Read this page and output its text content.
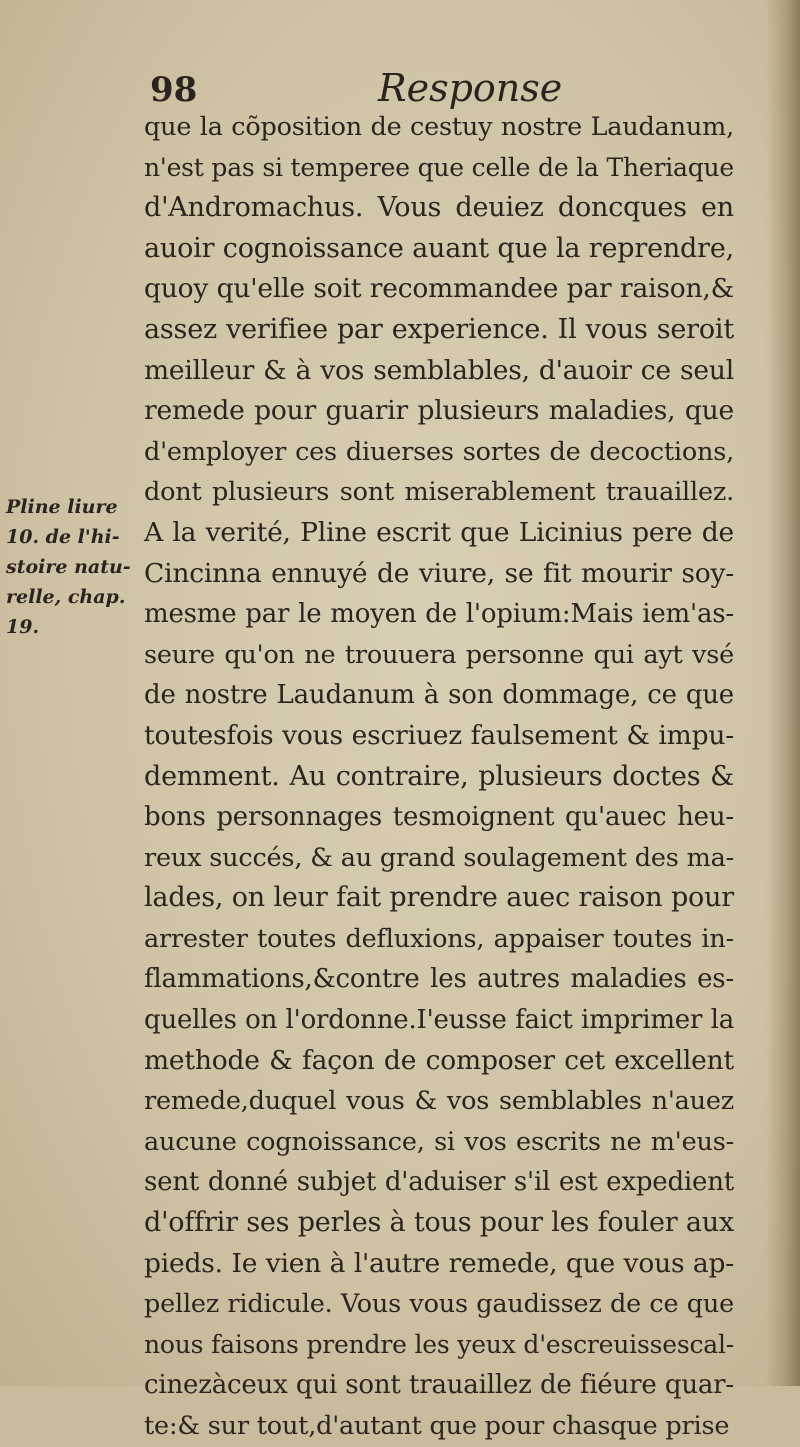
98	Response
Pline liure
10. de l'hi-
stoire natu-
relle, chap.
19.
que la cõposition de cestuy nostre Laudanum,
n'est pas si temperee que celle de la Theriaque
d'Andromachus. Vous deuiez doncques en
auoir cognoissance auant que la reprendre,
quoy qu'elle soit recommandee par raison,&
assez verifiee par experience. Il vous seroit
meilleur & à vos semblables, d'auoir ce seul
remede pour guarir plusieurs maladies, que
d'employer ces diuerses sortes de decoctions,
dont plusieurs sont miserablement trauaillez.
A la verité, Pline escrit que Licinius pere de
Cincinna ennuyé de viure, se fit mourir soy-
mesme par le moyen de l'opium:Mais iem'as-
seure qu'on ne trouuera personne qui ayt vsé
de nostre Laudanum à son dommage, ce que
toutesfois vous escriuez faulsement & impu-
demment. Au contraire, plusieurs doctes &
bons personnages tesmoignent qu'auec heu-
reux succés, & au grand soulagement des ma-
lades, on leur fait prendre auec raison pour
arrester toutes defluxions, appaiser toutes in-
flammations,&contre les autres maladies es-
quelles on l'ordonne.I'eusse faict imprimer la
methode & façon de composer cet excellent
remede,duquel vous & vos semblables n'auez
aucune cognoissance, si vos escrits ne m'eus-
sent donné subjet d'aduiser s'il est expedient
d'offrir ses perles à tous pour les fouler aux
pieds. Ie vien à l'autre remede, que vous ap-
pellez ridicule. Vous vous gaudissez de ce que
nous faisons prendre les yeux d'escreuissescal-
cinezàceux qui sont trauaillez de fiéure quar-
te:& sur tout,d'autant que pour chasque prise
